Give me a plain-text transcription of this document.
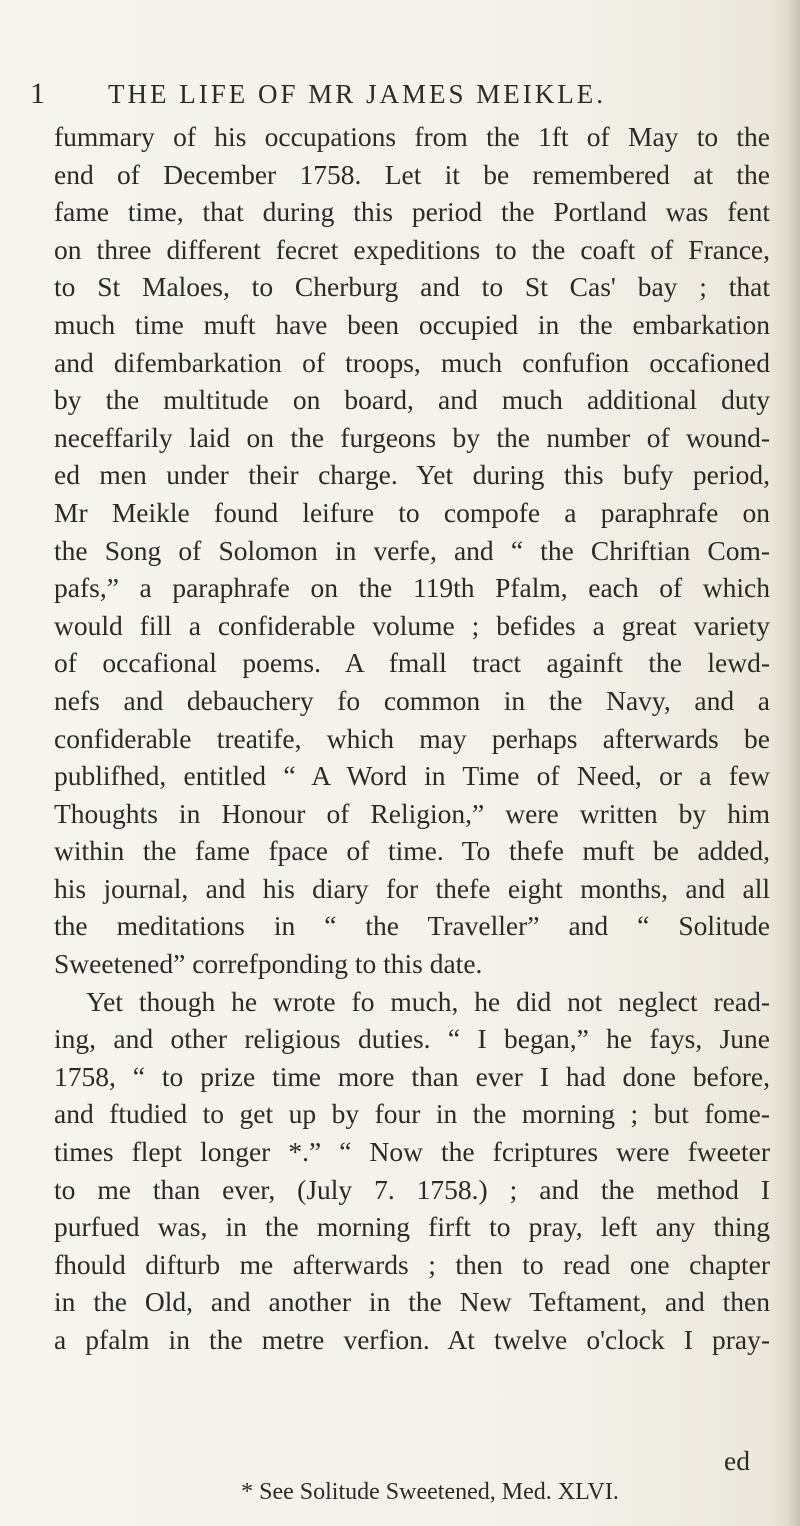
1 THE LIFE OF MR JAMES MEIKLE.
fummary of his occupations from the 1ft of May to the
end of December 1758. Let it be remembered at the
fame time, that during this period the Portland was fent
on three different fecret expeditions to the coaft of France,
to St Maloes, to Cherburg and to St Cas' bay ; that
much time muft have been occupied in the embarkation
and difembarkation of troops, much confufion occafioned
by the multitude on board, and much additional duty
neceffarily laid on the furgeons by the number of wound-
ed men under their charge. Yet during this bufy period,
Mr Meikle found leifure to compofe a paraphrafe on
the Song of Solomon in verfe, and “ the Chriftian Com-
pafs,” a paraphrafe on the 119th Pfalm, each of which
would fill a confiderable volume ; befides a great variety
of occafional poems. A fmall tract againft the lewd-
nefs and debauchery fo common in the Navy, and a
confiderable treatife, which may perhaps afterwards be
publifhed, entitled “ A Word in Time of Need, or a few
Thoughts in Honour of Religion,” were written by him
within the fame fpace of time. To thefe muft be added,
his journal, and his diary for thefe eight months, and all
the meditations in “ the Traveller” and “ Solitude
Sweetened” correfponding to this date.
Yet though he wrote fo much, he did not neglect read-
ing, and other religious duties. “ I began,” he fays, June
1758, “ to prize time more than ever I had done before,
and ftudied to get up by four in the morning ; but fome-
times flept longer *.” “ Now the fcriptures were fweeter
to me than ever, (July 7. 1758.) ; and the method I
purfued was, in the morning firft to pray, left any thing
fhould difturb me afterwards ; then to read one chapter
in the Old, and another in the New Teftament, and then
a pfalm in the metre verfion. At twelve o'clock I pray-
ed
* See Solitude Sweetened, Med. XLVI.
